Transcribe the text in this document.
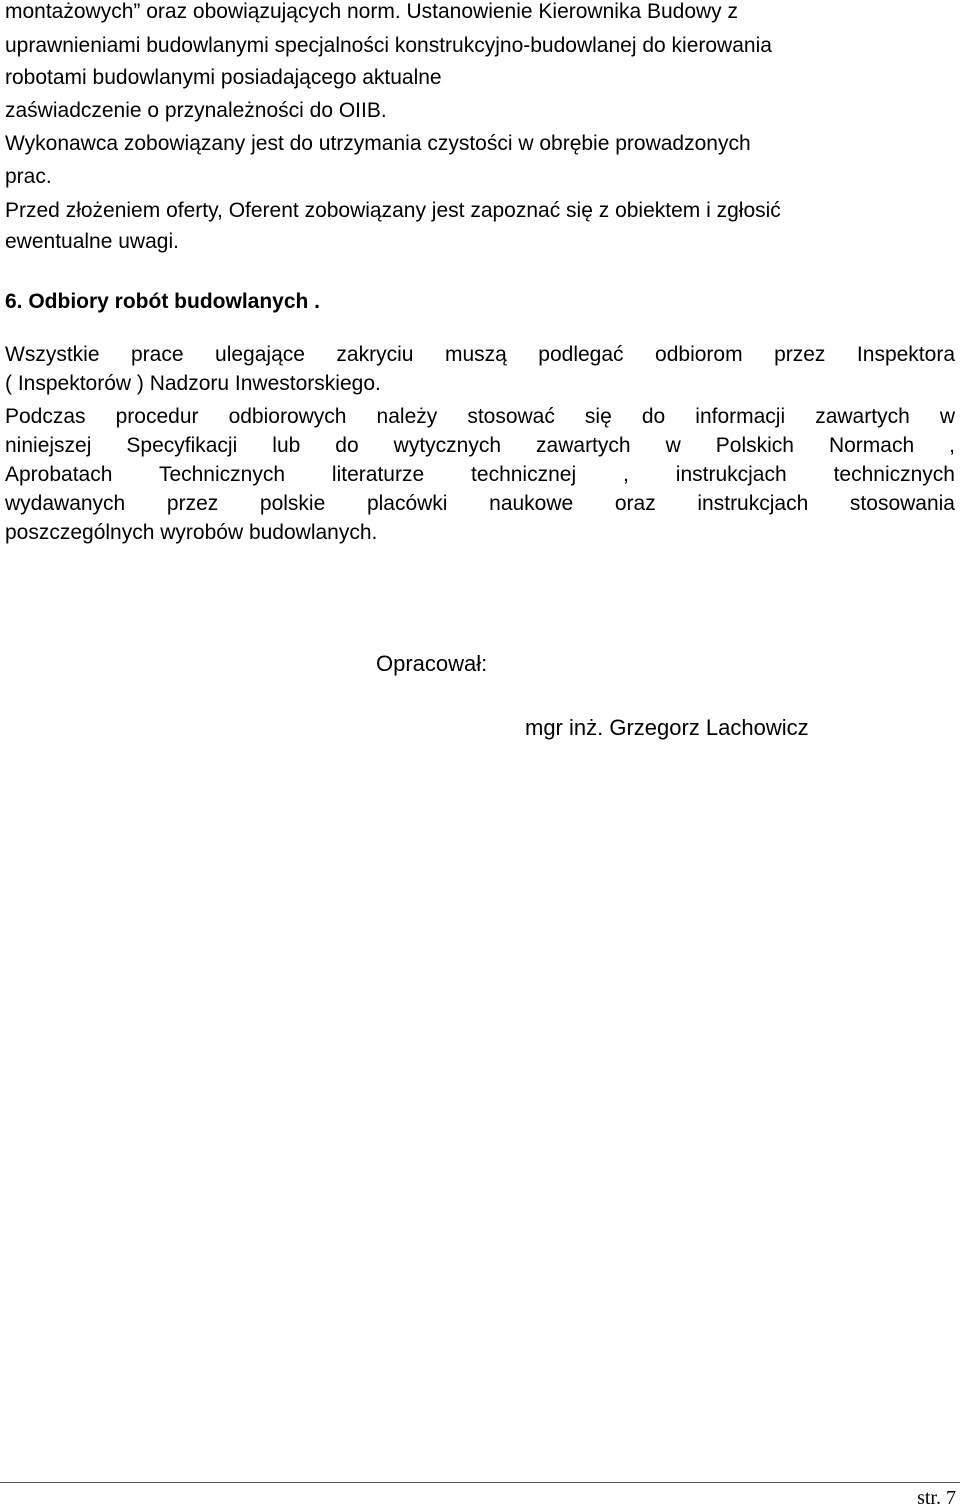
montażowych” oraz obowiązujących norm. Ustanowienie Kierownika Budowy z
uprawnieniami budowlanymi specjalności konstrukcyjno-budowlanej do kierowania
robotami budowlanymi posiadającego aktualne
zaświadczenie o przynależności do OIIB.
Wykonawca zobowiązany jest do utrzymania czystości w obrębie prowadzonych
prac.
Przed złożeniem oferty, Oferent zobowiązany jest zapoznać się z obiektem i zgłosić
ewentualne uwagi.
6. Odbiory robót budowlanych .
Wszystkie prace ulegające zakryciu muszą podlegać odbiorom przez Inspektora
( Inspektorów ) Nadzoru Inwestorskiego.
Podczas procedur odbiorowych należy stosować się do informacji zawartych w
niniejszej Specyfikacji lub do wytycznych zawartych w Polskich Normach ,
Aprobatach Technicznych literaturze technicznej , instrukcjach technicznych
wydawanych przez polskie placówki naukowe oraz instrukcjach stosowania
poszczególnych wyrobów budowlanych.
Opracował:
mgr inż. Grzegorz Lachowicz
str. 7
